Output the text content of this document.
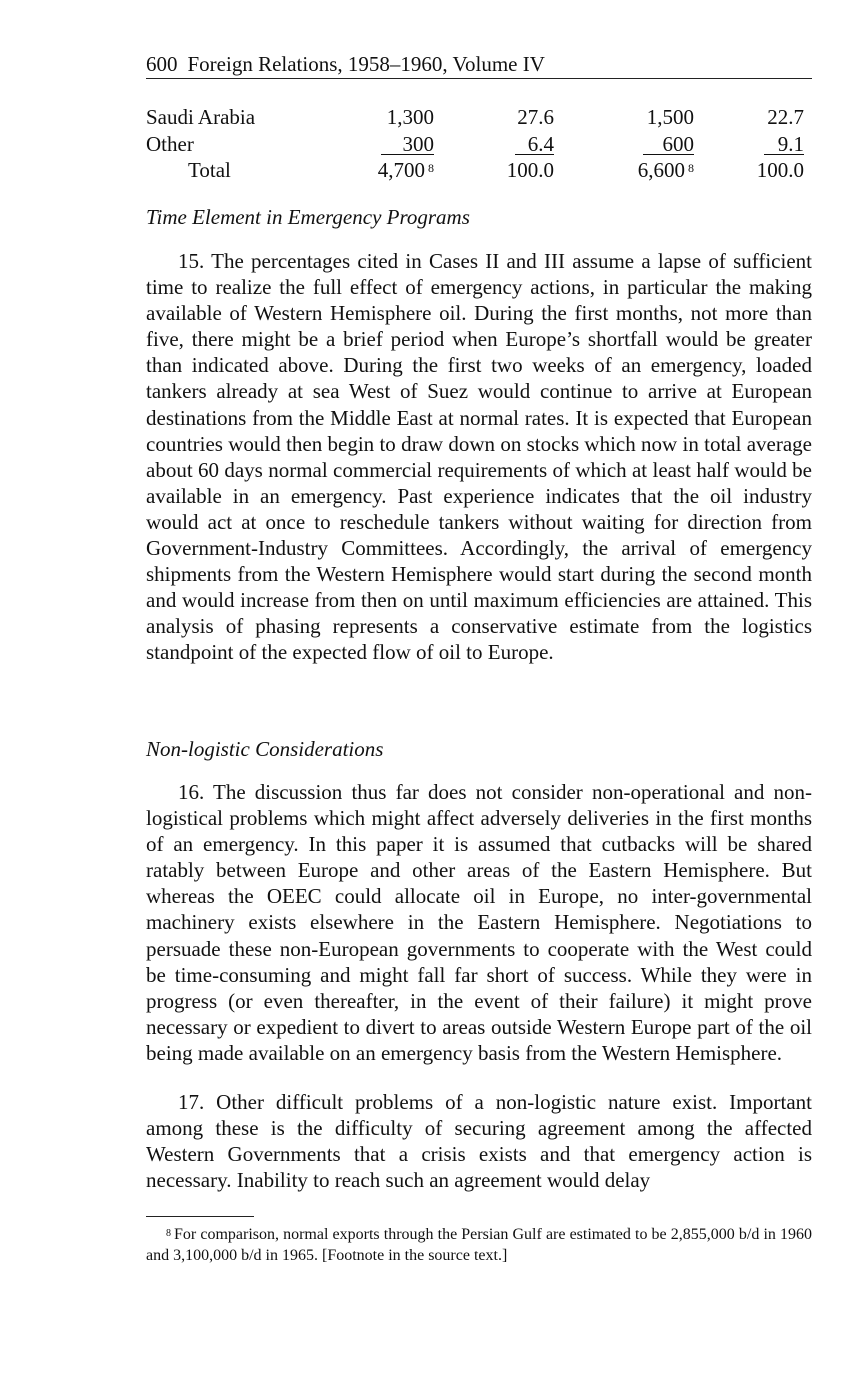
600 Foreign Relations, 1958–1960, Volume IV
Saudi Arabia	1,300	27.6	1,500	22.7
Other	300	6.4	600	9.1
Total	4,700 $^8$	100.0	6,600 $^8$	100.0
Time Element in Emergency Programs

15. The percentages cited in Cases II and III assume a lapse of sufficient time to realize the full effect of emergency actions, in particular the making available of Western Hemisphere oil. During the first months, not more than five, there might be a brief period when Europe’s shortfall would be greater than indicated above. During the first two weeks of an emergency, loaded tankers already at sea West of Suez would continue to arrive at European destinations from the Middle East at normal rates. It is expected that European countries would then begin to draw down on stocks which now in total average about 60 days normal commercial requirements of which at least half would be available in an emergency. Past experience indicates that the oil industry would act at once to reschedule tankers without waiting for direction from Government-Industry Committees. Accordingly, the arrival of emergency shipments from the Western Hemisphere would start during the second month and would increase from then on until maximum efficiencies are attained. This analysis of phasing represents a conservative estimate from the logistics standpoint of the expected flow of oil to Europe.

Non-logistic Considerations

16. The discussion thus far does not consider non-operational and non-logistical problems which might affect adversely deliveries in the first months of an emergency. In this paper it is assumed that cutbacks will be shared ratably between Europe and other areas of the Eastern Hemisphere. But whereas the OEEC could allocate oil in Europe, no inter-governmental machinery exists elsewhere in the Eastern Hemisphere. Negotiations to persuade these non-European governments to cooperate with the West could be time-consuming and might fall far short of success. While they were in progress (or even thereafter, in the event of their failure) it might prove necessary or expedient to divert to areas outside Western Europe part of the oil being made available on an emergency basis from the Western Hemisphere.

17. Other difficult problems of a non-logistic nature exist. Important among these is the difficulty of securing agreement among the affected Western Governments that a crisis exists and that emergency action is necessary. Inability to reach such an agreement would delay

$^8$ For comparison, normal exports through the Persian Gulf are estimated to be 2,855,000 b/d in 1960 and 3,100,000 b/d in 1965. [Footnote in the source text.]
